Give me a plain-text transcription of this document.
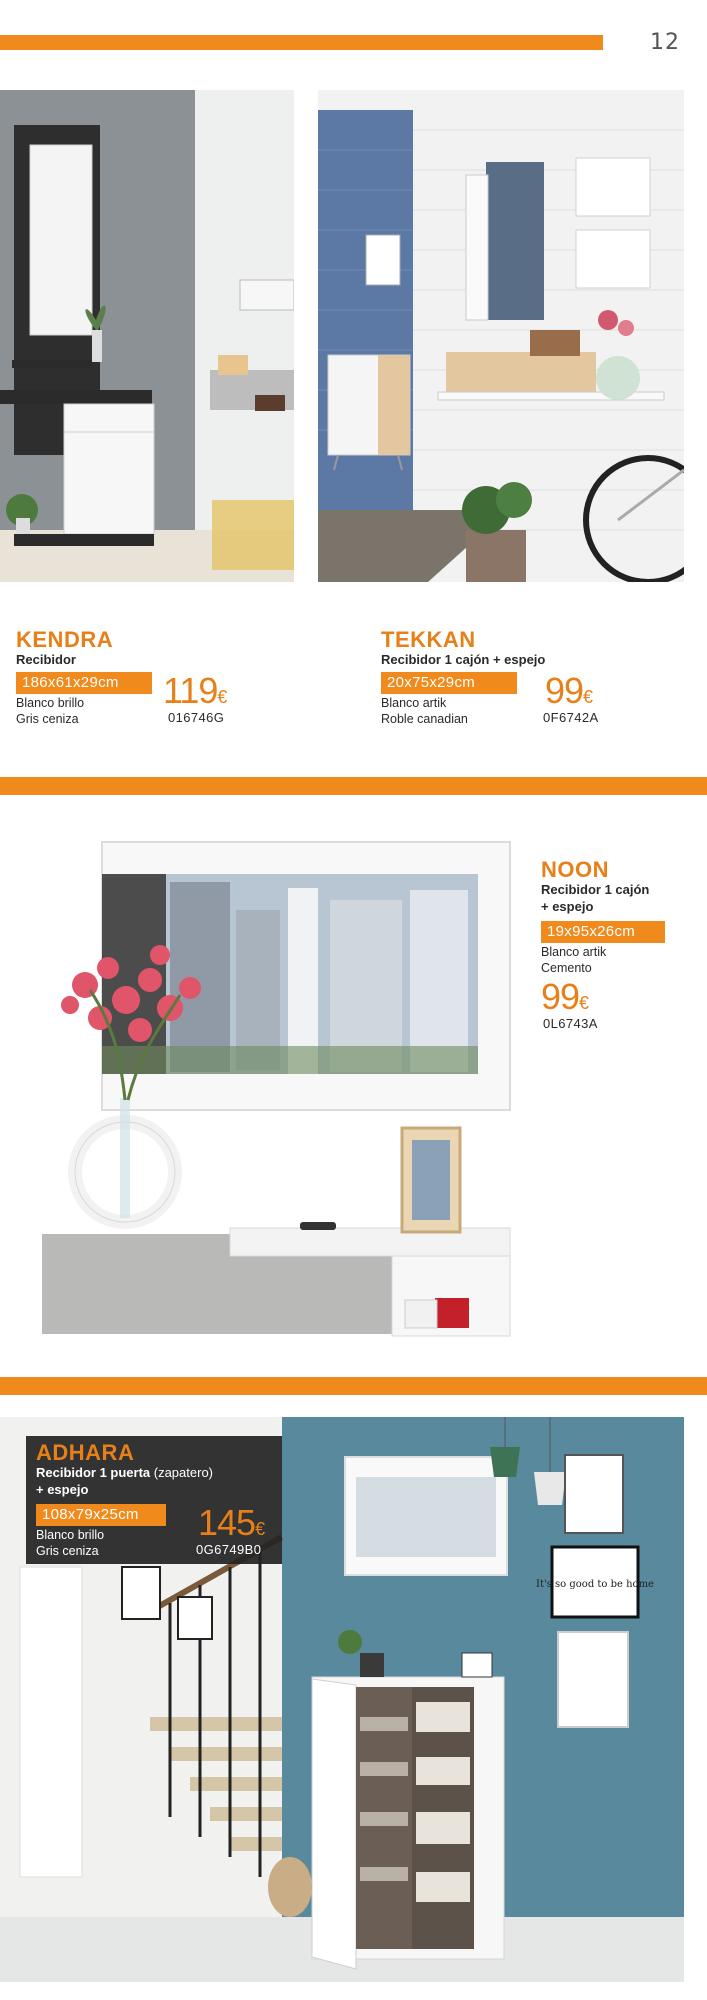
12
KENDRA
Recibidor
186x61x29cm
Blanco brillo
Gris ceniza
119€
016746G
TEKKAN
Recibidor 1 cajón + espejo
20x75x29cm
Blanco artik
Roble canadian
99€
0F6742A
NOON
Recibidor 1 cajón
+ espejo
19x95x26cm
Blanco artik
Cemento
99€
0L6743A
It's so good to be home
ADHARA
Recibidor 1 puerta (zapatero)
+ espejo
108x79x25cm
Blanco brillo
Gris ceniza
145€
0G6749B0
